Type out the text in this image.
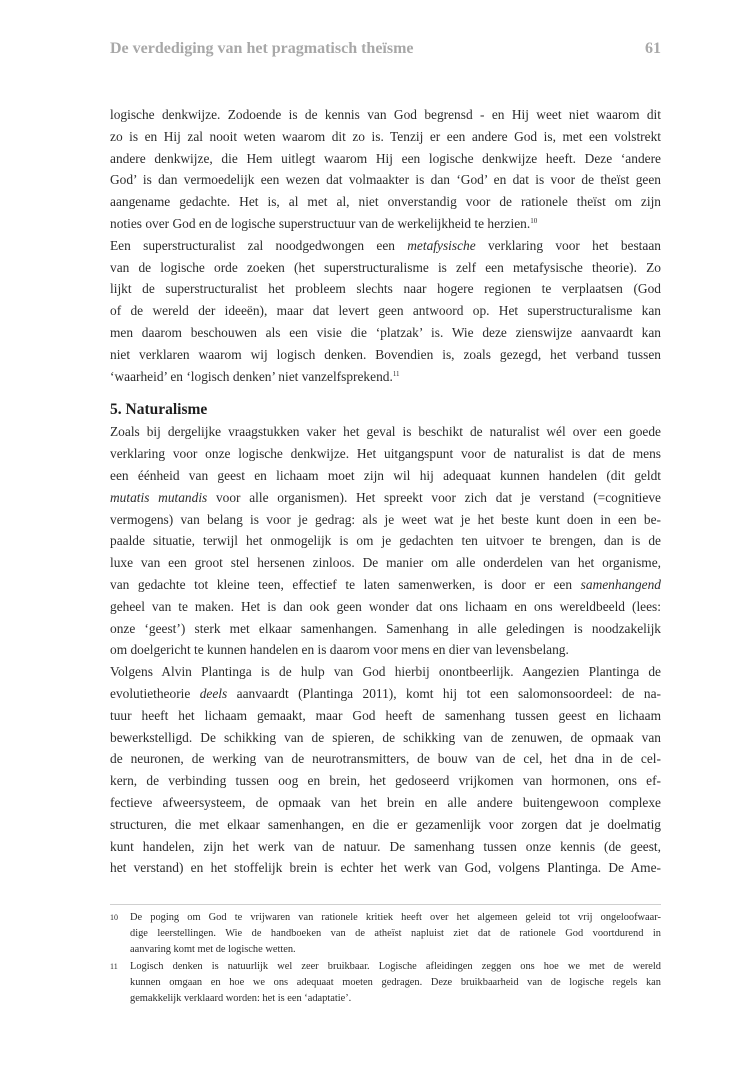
De verdediging van het pragmatisch theïsme	61

logische denkwijze. Zodoende is de kennis van God begrensd - en Hij weet niet waarom dit
zo is en Hij zal nooit weten waarom dit zo is. Tenzij er een andere God is, met een volstrekt
andere denkwijze, die Hem uitlegt waarom Hij een logische denkwijze heeft. Deze ‘andere
God’ is dan vermoedelijk een wezen dat volmaakter is dan ‘God’ en dat is voor de theïst geen
aangename gedachte. Het is, al met al, niet onverstandig voor de rationele theïst om zijn
noties over God en de logische superstructuur van de werkelijkheid te herzien.$^{10}$

Een superstructuralist zal noodgedwongen een metafysische verklaring voor het bestaan
van de logische orde zoeken (het superstructuralisme is zelf een metafysische theorie). Zo
lijkt de superstructuralist het probleem slechts naar hogere regionen te verplaatsen (God
of de wereld der ideeën), maar dat levert geen antwoord op. Het superstructuralisme kan
men daarom beschouwen als een visie die ‘platzak’ is. Wie deze zienswijze aanvaardt kan
niet verklaren waarom wij logisch denken. Bovendien is, zoals gezegd, het verband tussen
‘waarheid’ en ‘logisch denken’ niet vanzelfsprekend.$^{11}$

5. Naturalisme

Zoals bij dergelijke vraagstukken vaker het geval is beschikt de naturalist wél over een goede
verklaring voor onze logische denkwijze. Het uitgangspunt voor de naturalist is dat de mens
een éénheid van geest en lichaam moet zijn wil hij adequaat kunnen handelen (dit geldt
mutatis mutandis voor alle organismen). Het spreekt voor zich dat je verstand (=cognitieve
vermogens) van belang is voor je gedrag: als je weet wat je het beste kunt doen in een be-
paalde situatie, terwijl het onmogelijk is om je gedachten ten uitvoer te brengen, dan is de
luxe van een groot stel hersenen zinloos. De manier om alle onderdelen van het organisme,
van gedachte tot kleine teen, effectief te laten samenwerken, is door er een samenhangend
geheel van te maken. Het is dan ook geen wonder dat ons lichaam en ons wereldbeeld (lees:
onze ‘geest’) sterk met elkaar samenhangen. Samenhang in alle geledingen is noodzakelijk
om doelgericht te kunnen handelen en is daarom voor mens en dier van levensbelang.

Volgens Alvin Plantinga is de hulp van God hierbij onontbeerlijk. Aangezien Plantinga de
evolutietheorie deels aanvaardt (Plantinga 2011), komt hij tot een salomonsoordeel: de na-
tuur heeft het lichaam gemaakt, maar God heeft de samenhang tussen geest en lichaam
bewerkstelligd. De schikking van de spieren, de schikking van de zenuwen, de opmaak van
de neuronen, de werking van de neurotransmitters, de bouw van de cel, het dna in de cel-
kern, de verbinding tussen oog en brein, het gedoseerd vrijkomen van hormonen, ons ef-
fectieve afweersysteem, de opmaak van het brein en alle andere buitengewoon complexe
structuren, die met elkaar samenhangen, en die er gezamenlijk voor zorgen dat je doelmatig
kunt handelen, zijn het werk van de natuur. De samenhang tussen onze kennis (de geest,
het verstand) en het stoffelijk brein is echter het werk van God, volgens Plantinga. De Ame-

10 De poging om God te vrijwaren van rationele kritiek heeft over het algemeen geleid tot vrij ongeloofwaar-
dige leerstellingen. Wie de handboeken van de atheïst napluist ziet dat de rationele God voortdurend in
aanvaring komt met de logische wetten.
11 Logisch denken is natuurlijk wel zeer bruikbaar. Logische afleidingen zeggen ons hoe we met de wereld
kunnen omgaan en hoe we ons adequaat moeten gedragen. Deze bruikbaarheid van de logische regels kan
gemakkelijk verklaard worden: het is een ‘adaptatie’.
